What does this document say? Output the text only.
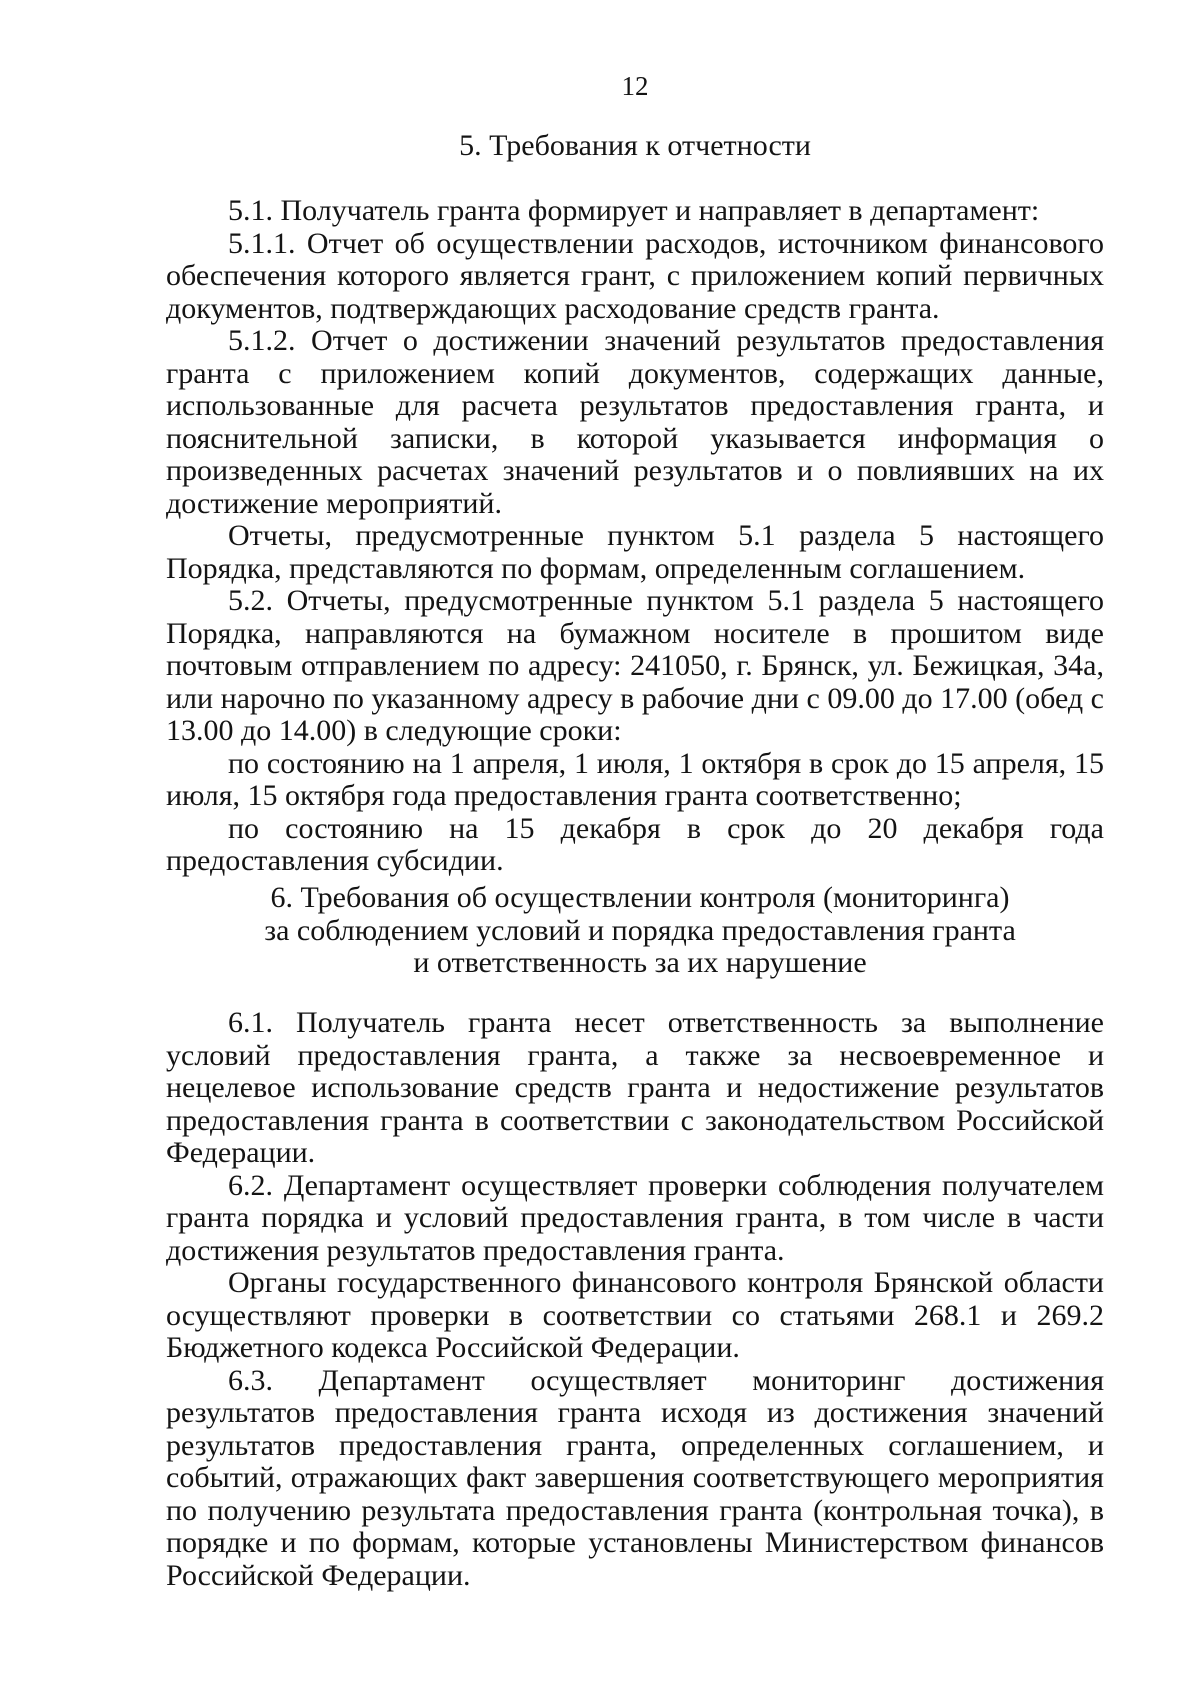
12
5. Требования к отчетности

5.1. Получатель гранта формирует и направляет в департамент:

5.1.1. Отчет об осуществлении расходов, источником финансового обеспечения которого является грант, с приложением копий первичных документов, подтверждающих расходование средств гранта.

5.1.2. Отчет о достижении значений результатов предоставления гранта с приложением копий документов, содержащих данные, использованные для расчета результатов предоставления гранта, и пояснительной записки, в которой указывается информация о произведенных расчетах значений результатов и о повлиявших на их достижение мероприятий.

Отчеты, предусмотренные пунктом 5.1 раздела 5 настоящего Порядка, представляются по формам, определенным соглашением.

5.2. Отчеты, предусмотренные пунктом 5.1 раздела 5 настоящего Порядка, направляются на бумажном носителе в прошитом виде почтовым отправлением по адресу: 241050, г. Брянск, ул. Бежицкая, 34а, или нарочно по указанному адресу в рабочие дни с 09.00 до 17.00 (обед с 13.00 до 14.00) в следующие сроки:

по состоянию на 1 апреля, 1 июля, 1 октября в срок до 15 апреля, 15 июля, 15 октября года предоставления гранта соответственно;

по состоянию на 15 декабря в срок до 20 декабря года предоставления субсидии.

6. Требования об осуществлении контроля (мониторинга)
за соблюдением условий и порядка предоставления гранта
и ответственность за их нарушение

6.1. Получатель гранта несет ответственность за выполнение условий предоставления гранта, а также за несвоевременное и нецелевое использование средств гранта и недостижение результатов предоставления гранта в соответствии с законодательством Российской Федерации.

6.2. Департамент осуществляет проверки соблюдения получателем гранта порядка и условий предоставления гранта, в том числе в части достижения результатов предоставления гранта.

Органы государственного финансового контроля Брянской области осуществляют проверки в соответствии со статьями 268.1 и 269.2 Бюджетного кодекса Российской Федерации.

6.3. Департамент осуществляет мониторинг достижения результатов предоставления гранта исходя из достижения значений результатов предоставления гранта, определенных соглашением, и событий, отражающих факт завершения соответствующего мероприятия по получению результата предоставления гранта (контрольная точка), в порядке и по формам, которые установлены Министерством финансов Российской Федерации.
